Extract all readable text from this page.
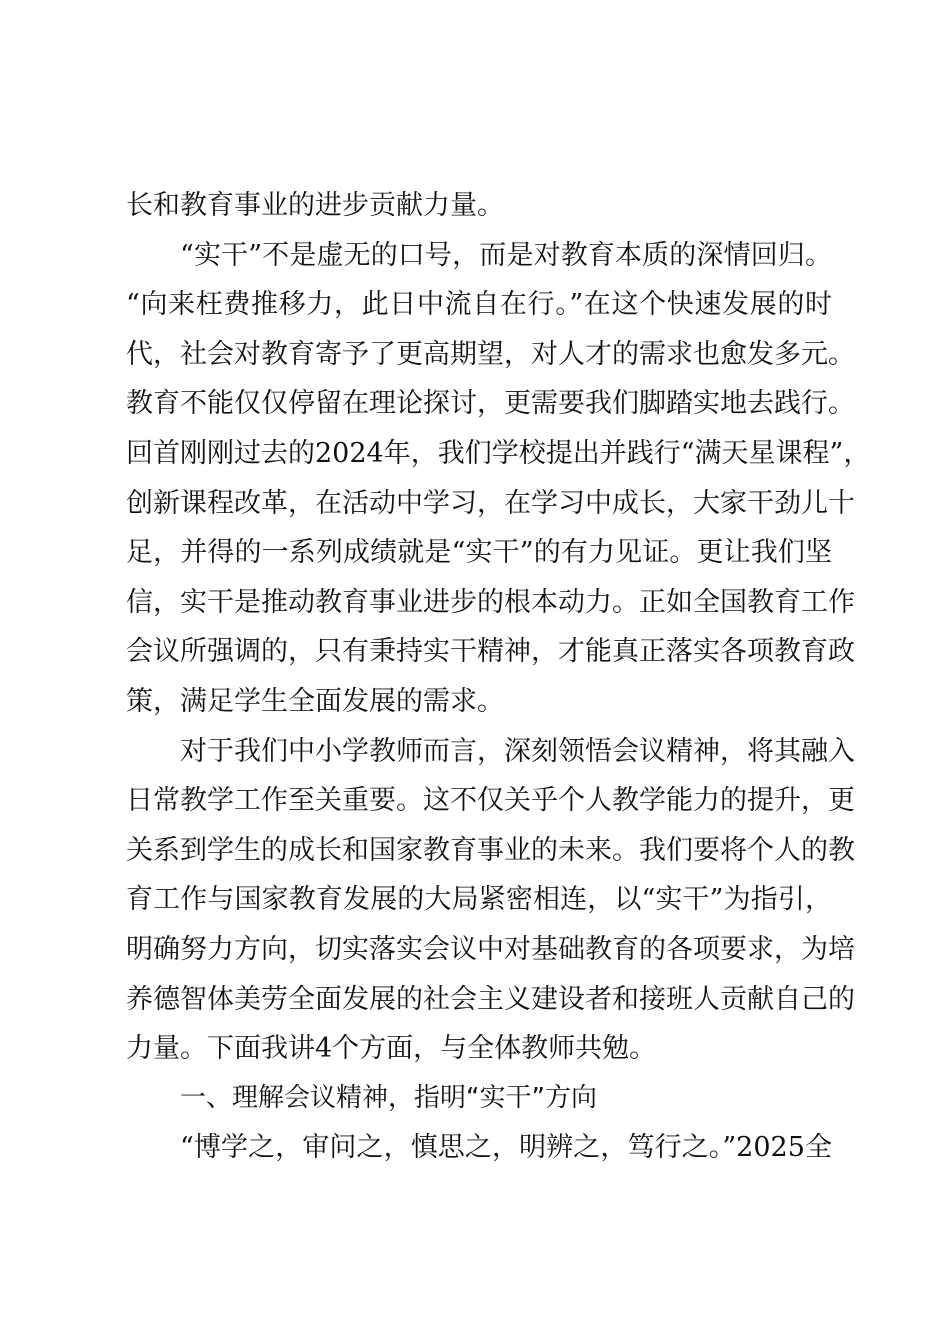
长和教育事业的进步贡献力量。
“实干”不是虚无的口号，而是对教育本质的深情回归。
“向来枉费推移力，此日中流自在行。”在这个快速发展的时
代，社会对教育寄予了更高期望，对人才的需求也愈发多元。
教育不能仅仅停留在理论探讨，更需要我们脚踏实地去践行。
回首刚刚过去的2024年，我们学校提出并践行“满天星课程”，
创新课程改革，在活动中学习，在学习中成长，大家干劲儿十
足，并得的一系列成绩就是“实干”的有力见证。更让我们坚
信，实干是推动教育事业进步的根本动力。正如全国教育工作
会议所强调的，只有秉持实干精神，才能真正落实各项教育政
策，满足学生全面发展的需求。
对于我们中小学教师而言，深刻领悟会议精神，将其融入
日常教学工作至关重要。这不仅关乎个人教学能力的提升，更
关系到学生的成长和国家教育事业的未来。我们要将个人的教
育工作与国家教育发展的大局紧密相连，以“实干”为指引，
明确努力方向，切实落实会议中对基础教育的各项要求，为培
养德智体美劳全面发展的社会主义建设者和接班人贡献自己的
力量。下面我讲4个方面，与全体教师共勉。
一、理解会议精神，指明“实干”方向
“博学之，审问之，慎思之，明辨之，笃行之。”2025全
